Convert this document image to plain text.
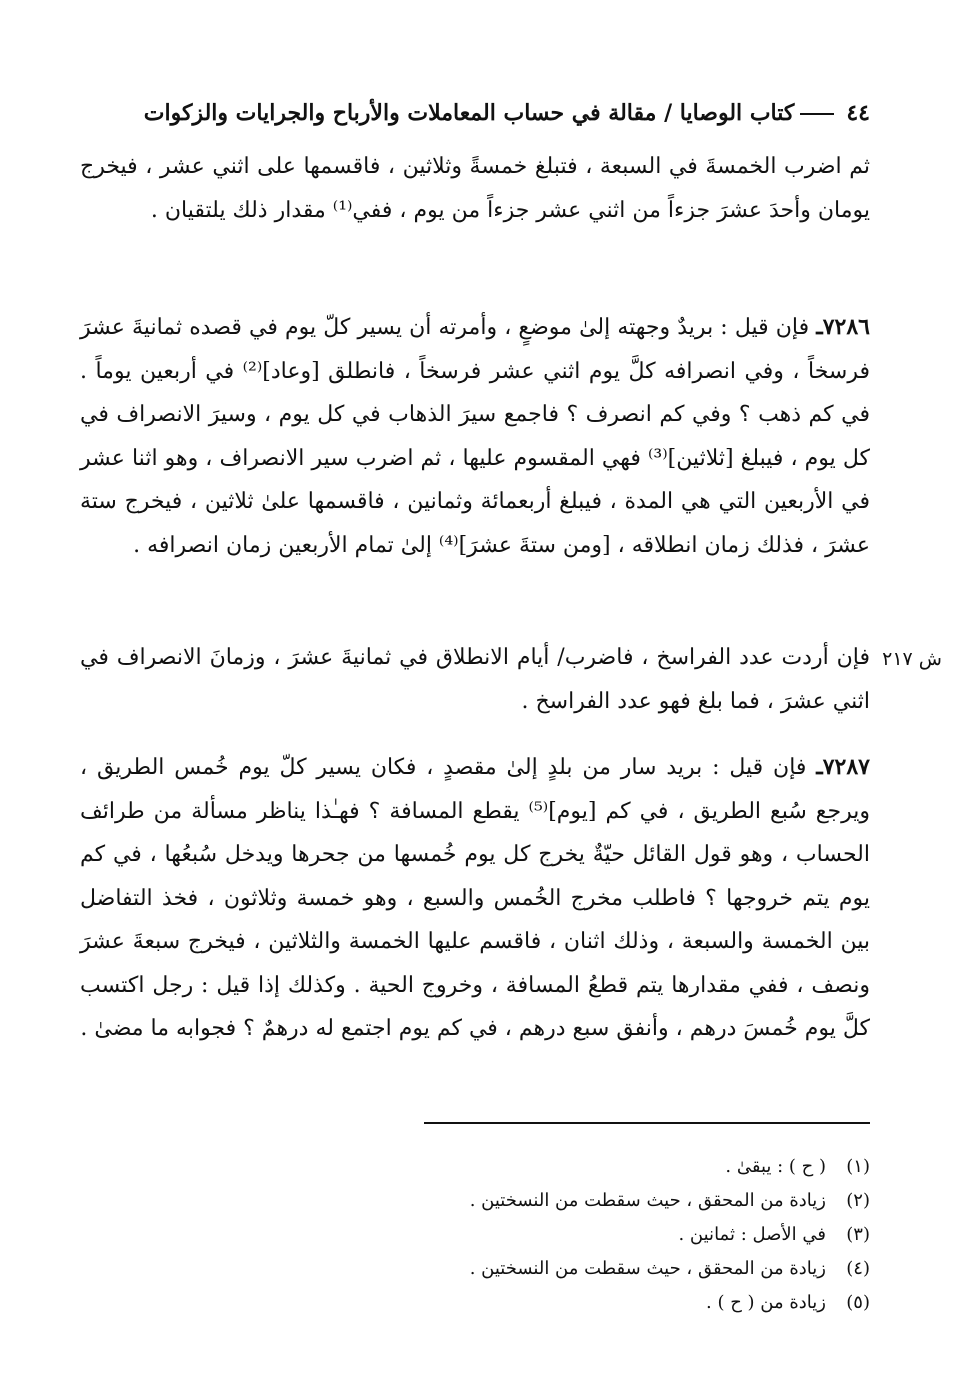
٤٤كتاب الوصايا / مقالة في حساب المعاملات والأرباح والجرايات والزكوات
ثم اضرب الخمسةَ في السبعة ، فتبلغ خمسةً وثلاثين ، فاقسمها على اثني عشر ، فيخرج يومان وأحدَ عشرَ جزءاً من اثني عشر جزءاً من يوم ، ففي⁽¹⁾ مقدار ذلك يلتقيان .
٧٢٨٦ـ فإن قيل : بريدٌ وجهته إلىٰ موضعٍ ، وأمرته أن يسير كلّ يوم في قصده ثمانيةَ عشرَ فرسخاً ، وفي انصرافه كلَّ يوم اثني عشر فرسخاً ، فانطلق [وعاد]⁽²⁾ في أربعين يوماً . في كم ذهب ؟ وفي كم انصرف ؟ فاجمع سيرَ الذهاب في كل يوم ، وسيرَ الانصراف في كل يوم ، فيبلغ [ثلاثين]⁽³⁾ فهي المقسوم عليها ، ثم اضرب سير الانصراف ، وهو اثنا عشر في الأربعين التي هي المدة ، فيبلغ أربعمائة وثمانين ، فاقسمها علىٰ ثلاثين ، فيخرج ستة عشرَ ، فذلك زمان انطلاقه ، [ومن ستةَ عشرَ]⁽⁴⁾ إلىٰ تمام الأربعين زمان انصرافه .
فإن أردت عدد الفراسخ ، فاضرب/ أيام الانطلاق في ثمانيةَ عشرَ ، وزمانَ الانصراف في اثني عشرَ ، فما بلغ فهو عدد الفراسخ .
ش ٢١٧
٧٢٨٧ـ فإن قيل : بريد سار من بلدٍ إلىٰ مقصدٍ ، فكان يسير كلّ يوم خُمس الطريق ، ويرجع سُبع الطريق ، في كم [يوم]⁽⁵⁾ يقطع المسافة ؟ فهـٰذا يناظر مسألة من طرائف الحساب ، وهو قول القائل حيّةٌ يخرج كل يوم خُمسها من جحرها ويدخل سُبعُها ، في كم يوم يتم خروجها ؟ فاطلب مخرج الخُمس والسبع ، وهو خمسة وثلاثون ، فخذ التفاضل بين الخمسة والسبعة ، وذلك اثنان ، فاقسم عليها الخمسة والثلاثين ، فيخرج سبعةَ عشرَ ونصف ، ففي مقدارها يتم قطعُ المسافة ، وخروج الحية . وكذلك إذا قيل : رجل اكتسب كلَّ يوم خُمسَ درهم ، وأنفق سبع درهم ، في كم يوم اجتمع له درهمٌ ؟ فجوابه ما مضىٰ .
(١)( ح ) : يبقىٰ .
(٢)زيادة من المحقق ، حيث سقطت من النسختين .
(٣)في الأصل : ثمانين .
(٤)زيادة من المحقق ، حيث سقطت من النسختين .
(٥)زيادة من ( ح ) .
